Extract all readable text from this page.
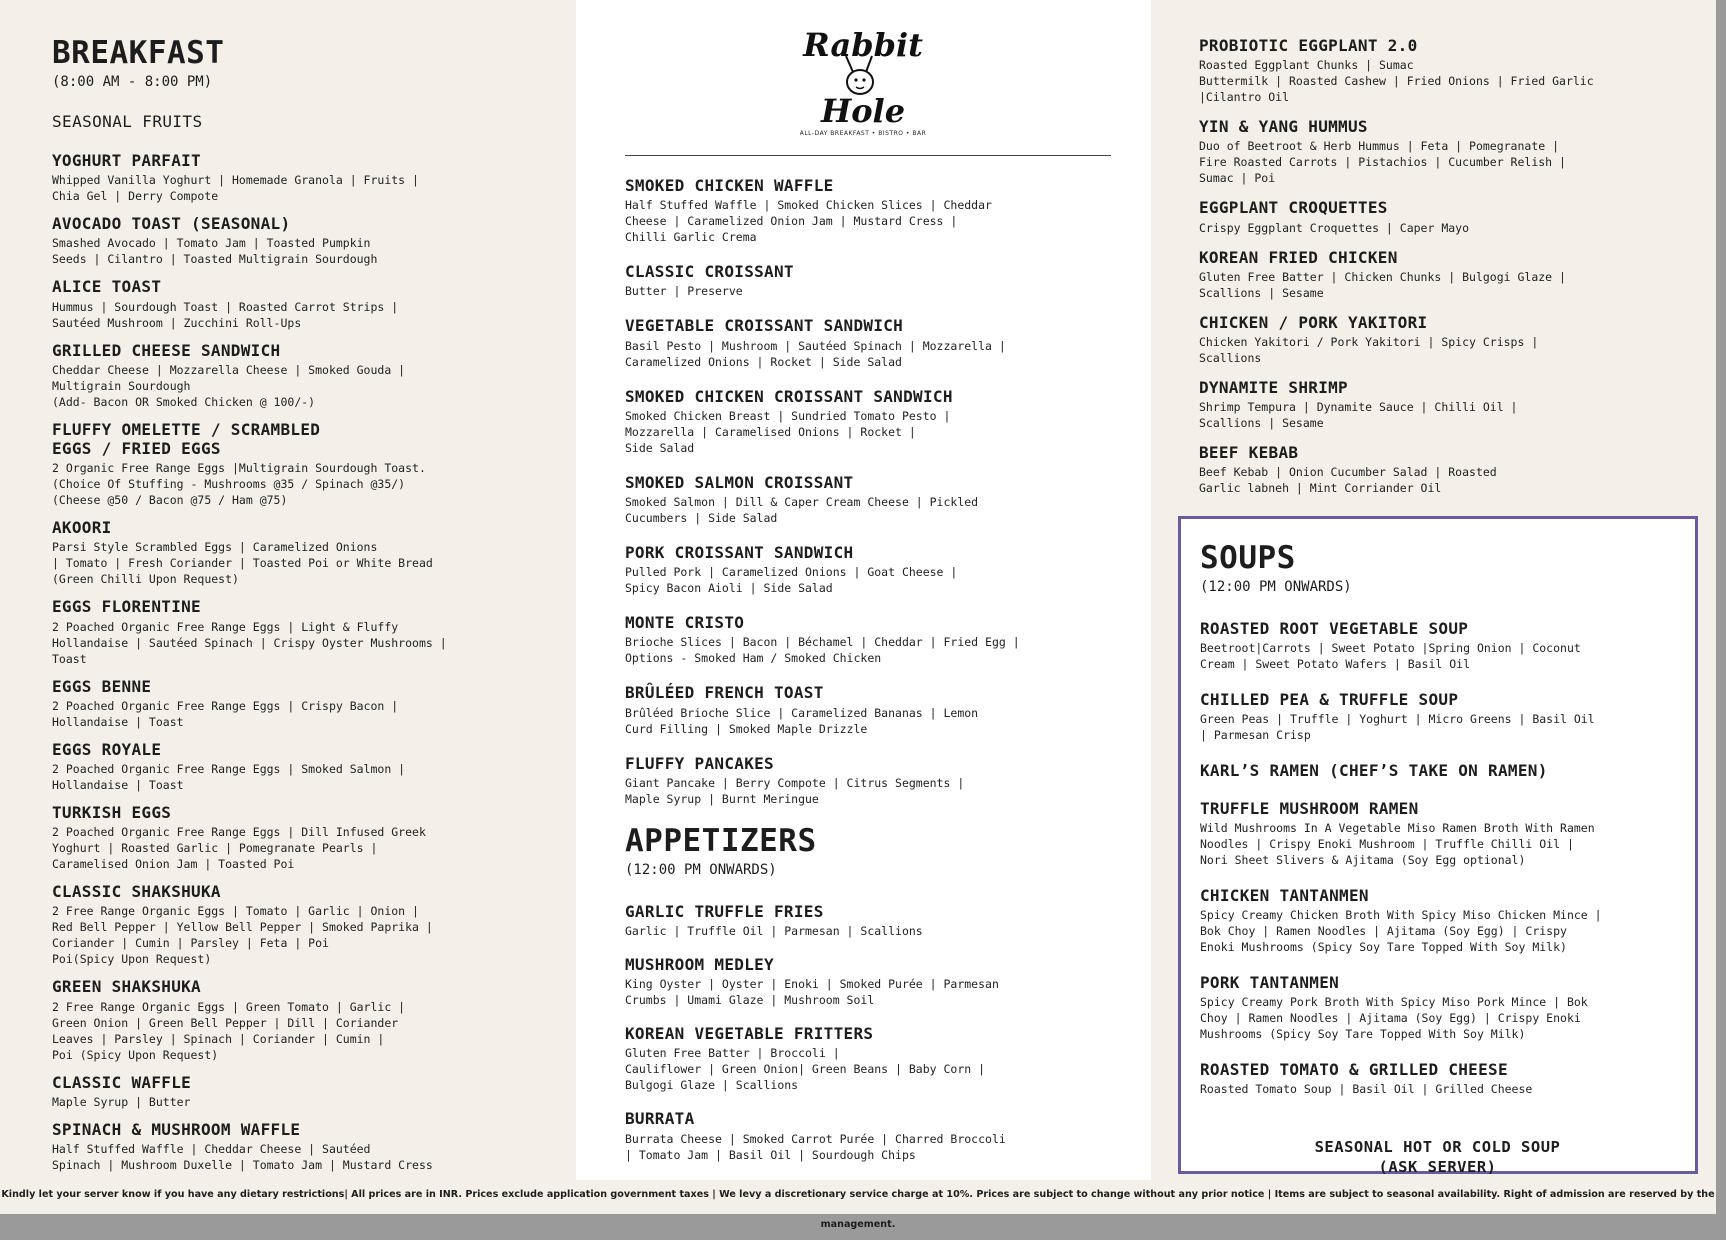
BREAKFAST
(8:00 AM - 8:00 PM)
SEASONAL FRUITS
YOGHURT PARFAIT
Whipped Vanilla Yoghurt | Homemade Granola | Fruits |
Chia Gel | Derry Compote
AVOCADO TOAST (SEASONAL)
Smashed Avocado | Tomato Jam | Toasted Pumpkin
Seeds | Cilantro | Toasted Multigrain Sourdough
ALICE TOAST
Hummus | Sourdough Toast | Roasted Carrot Strips |
Sautéed Mushroom | Zucchini Roll-Ups
GRILLED CHEESE SANDWICH
Cheddar Cheese | Mozzarella Cheese | Smoked Gouda |
Multigrain Sourdough
(Add- Bacon OR Smoked Chicken @ 100/-)
FLUFFY OMELETTE / SCRAMBLED
EGGS / FRIED EGGS
2 Organic Free Range Eggs |Multigrain Sourdough Toast.
(Choice Of Stuffing - Mushrooms @35 / Spinach @35/)
(Cheese @50 / Bacon @75 / Ham @75)
AKOORI
Parsi Style Scrambled Eggs | Caramelized Onions
| Tomato | Fresh Coriander | Toasted Poi or White Bread
(Green Chilli Upon Request)
EGGS FLORENTINE
2 Poached Organic Free Range Eggs | Light & Fluffy
Hollandaise | Sautéed Spinach | Crispy Oyster Mushrooms |
Toast
EGGS BENNE
2 Poached Organic Free Range Eggs | Crispy Bacon |
Hollandaise | Toast
EGGS ROYALE
2 Poached Organic Free Range Eggs | Smoked Salmon |
Hollandaise | Toast
TURKISH EGGS
2 Poached Organic Free Range Eggs | Dill Infused Greek
Yoghurt | Roasted Garlic | Pomegranate Pearls |
Caramelised Onion Jam | Toasted Poi
CLASSIC SHAKSHUKA
2 Free Range Organic Eggs | Tomato | Garlic | Onion |
Red Bell Pepper | Yellow Bell Pepper | Smoked Paprika |
Coriander | Cumin | Parsley | Feta | Poi
Poi(Spicy Upon Request)
GREEN SHAKSHUKA
2 Free Range Organic Eggs | Green Tomato | Garlic |
Green Onion | Green Bell Pepper | Dill | Coriander
Leaves | Parsley | Spinach | Coriander | Cumin |
Poi (Spicy Upon Request)
CLASSIC WAFFLE
Maple Syrup | Butter
SPINACH & MUSHROOM WAFFLE
Half Stuffed Waffle | Cheddar Cheese | Sautéed
Spinach | Mushroom Duxelle | Tomato Jam | Mustard Cress
Rabbit
Hole
ALL-DAY BREAKFAST • BISTRO • BAR
SMOKED CHICKEN WAFFLE
Half Stuffed Waffle | Smoked Chicken Slices | Cheddar
Cheese | Caramelized Onion Jam | Mustard Cress |
Chilli Garlic Crema
CLASSIC CROISSANT
Butter | Preserve
VEGETABLE CROISSANT SANDWICH
Basil Pesto | Mushroom | Sautéed Spinach | Mozzarella |
Caramelized Onions | Rocket | Side Salad
SMOKED CHICKEN CROISSANT SANDWICH
Smoked Chicken Breast | Sundried Tomato Pesto |
Mozzarella | Caramelised Onions | Rocket |
Side Salad
SMOKED SALMON CROISSANT
Smoked Salmon | Dill & Caper Cream Cheese | Pickled
Cucumbers | Side Salad
PORK CROISSANT SANDWICH
Pulled Pork | Caramelized Onions | Goat Cheese |
Spicy Bacon Aioli | Side Salad
MONTE CRISTO
Brioche Slices | Bacon | Béchamel | Cheddar | Fried Egg |
Options - Smoked Ham / Smoked Chicken
BRÛLÉED FRENCH TOAST
Brûléed Brioche Slice | Caramelized Bananas | Lemon
Curd Filling | Smoked Maple Drizzle
FLUFFY PANCAKES
Giant Pancake | Berry Compote | Citrus Segments |
Maple Syrup | Burnt Meringue
APPETIZERS
(12:00 PM ONWARDS)
GARLIC TRUFFLE FRIES
Garlic | Truffle Oil | Parmesan | Scallions
MUSHROOM MEDLEY
King Oyster | Oyster | Enoki | Smoked Purée | Parmesan
Crumbs | Umami Glaze | Mushroom Soil
KOREAN VEGETABLE FRITTERS
Gluten Free Batter | Broccoli |
Cauliflower | Green Onion| Green Beans | Baby Corn |
Bulgogi Glaze | Scallions
BURRATA
Burrata Cheese | Smoked Carrot Purée | Charred Broccoli
| Tomato Jam | Basil Oil | Sourdough Chips
PROBIOTIC EGGPLANT 2.0
Roasted Eggplant Chunks | Sumac
Buttermilk | Roasted Cashew | Fried Onions | Fried Garlic
|Cilantro Oil
YIN & YANG HUMMUS
Duo of Beetroot & Herb Hummus | Feta | Pomegranate |
Fire Roasted Carrots | Pistachios | Cucumber Relish |
Sumac | Poi
EGGPLANT CROQUETTES
Crispy Eggplant Croquettes | Caper Mayo
KOREAN FRIED CHICKEN
Gluten Free Batter | Chicken Chunks | Bulgogi Glaze |
Scallions | Sesame
CHICKEN / PORK YAKITORI
Chicken Yakitori / Pork Yakitori | Spicy Crisps |
Scallions
DYNAMITE SHRIMP
Shrimp Tempura | Dynamite Sauce | Chilli Oil |
Scallions | Sesame
BEEF KEBAB
Beef Kebab | Onion Cucumber Salad | Roasted
Garlic labneh | Mint Corriander Oil
SOUPS
(12:00 PM ONWARDS)
ROASTED ROOT VEGETABLE SOUP
Beetroot|Carrots | Sweet Potato |Spring Onion | Coconut
Cream | Sweet Potato Wafers | Basil Oil
CHILLED PEA & TRUFFLE SOUP
Green Peas | Truffle | Yoghurt | Micro Greens | Basil Oil
| Parmesan Crisp
KARL’S RAMEN (CHEF’S TAKE ON RAMEN)
TRUFFLE MUSHROOM RAMEN
Wild Mushrooms In A Vegetable Miso Ramen Broth With Ramen
Noodles | Crispy Enoki Mushroom | Truffle Chilli Oil |
Nori Sheet Slivers & Ajitama (Soy Egg optional)
CHICKEN TANTANMEN
Spicy Creamy Chicken Broth With Spicy Miso Chicken Mince |
Bok Choy | Ramen Noodles | Ajitama (Soy Egg) | Crispy
Enoki Mushrooms (Spicy Soy Tare Topped With Soy Milk)
PORK TANTANMEN
Spicy Creamy Pork Broth With Spicy Miso Pork Mince | Bok
Choy | Ramen Noodles | Ajitama (Soy Egg) | Crispy Enoki
Mushrooms (Spicy Soy Tare Topped With Soy Milk)
ROASTED TOMATO & GRILLED CHEESE
Roasted Tomato Soup | Basil Oil | Grilled Cheese
SEASONAL HOT OR COLD SOUP
(ASK SERVER)
Kindly let your server know if you have any dietary restrictions| All prices are in INR. Prices exclude application government taxes | We levy a discretionary service charge at 10%. Prices are subject to change without any prior notice | Items are subject to seasonal availability. Right of admission are reserved by the management.
